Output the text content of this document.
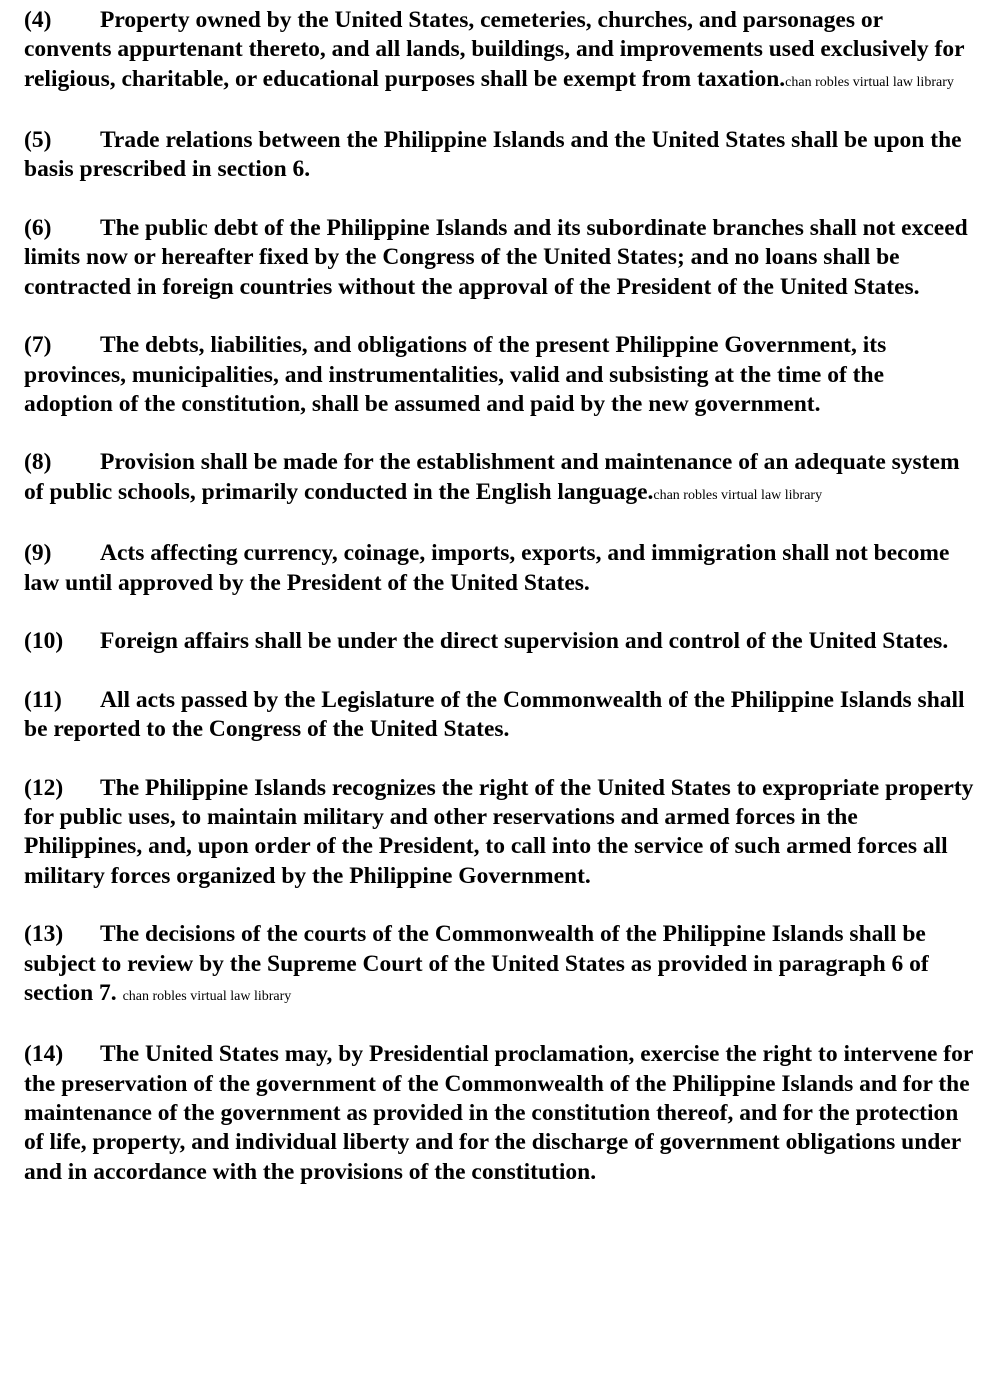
(4) Property owned by the United States, cemeteries, churches, and parsonages or convents appurtenant thereto, and all lands, buildings, and improvements used exclusively for religious, charitable, or educational purposes shall be exempt from taxation.chan robles virtual law library

(5) Trade relations between the Philippine Islands and the United States shall be upon the basis prescribed in section 6.

(6) The public debt of the Philippine Islands and its subordinate branches shall not exceed limits now or hereafter fixed by the Congress of the United States; and no loans shall be contracted in foreign countries without the approval of the President of the United States.

(7) The debts, liabilities, and obligations of the present Philippine Government, its provinces, municipalities, and instrumentalities, valid and subsisting at the time of the adoption of the constitution, shall be assumed and paid by the new government.

(8) Provision shall be made for the establishment and maintenance of an adequate system of public schools, primarily conducted in the English language.chan robles virtual law library

(9) Acts affecting currency, coinage, imports, exports, and immigration shall not become law until approved by the President of the United States.

(10) Foreign affairs shall be under the direct supervision and control of the United States.

(11) All acts passed by the Legislature of the Commonwealth of the Philippine Islands shall be reported to the Congress of the United States.

(12) The Philippine Islands recognizes the right of the United States to expropriate property for public uses, to maintain military and other reservations and armed forces in the Philippines, and, upon order of the President, to call into the service of such armed forces all military forces organized by the Philippine Government.

(13) The decisions of the courts of the Commonwealth of the Philippine Islands shall be subject to review by the Supreme Court of the United States as provided in paragraph 6 of section 7. chan robles virtual law library

(14) The United States may, by Presidential proclamation, exercise the right to intervene for the preservation of the government of the Commonwealth of the Philippine Islands and for the maintenance of the government as provided in the constitution thereof, and for the protection of life, property, and individual liberty and for the discharge of government obligations under and in accordance with the provisions of the constitution.
